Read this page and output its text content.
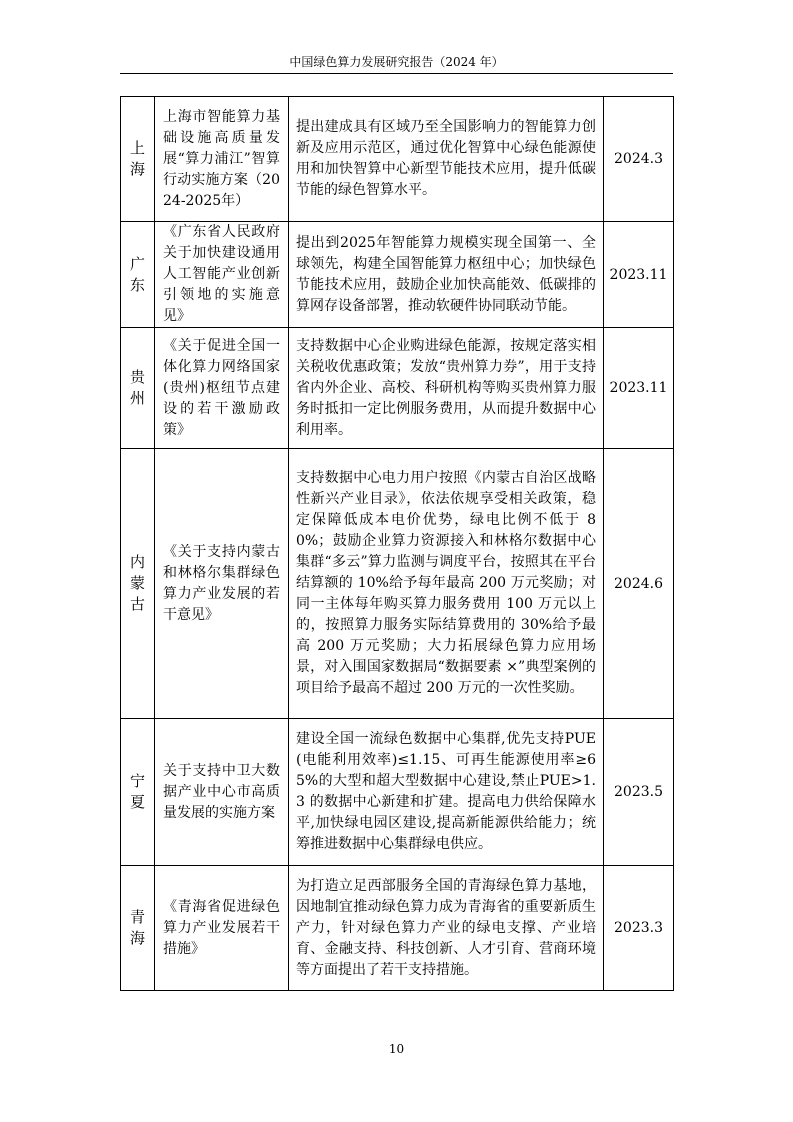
中国绿色算力发展研究报告（2024 年）
上海	上海市智能算力基础设施高质量发展“算力浦江”智算行动实施方案（2024-2025年）	提出建成具有区域乃至全国影响力的智能算力创新及应用示范区，通过优化智算中心绿色能源使用和加快智算中心新型节能技术应用，提升低碳节能的绿色智算水平。	2024.3

广东	《广东省人民政府关于加快建设通用人工智能产业创新引领地的实施意见》	提出到2025年智能算力规模实现全国第一、全球领先，构建全国智能算力枢纽中心；加快绿色节能技术应用，鼓励企业加快高能效、低碳排的算网存设备部署，推动软硬件协同联动节能。	2023.11

贵州	《关于促进全国一体化算力网络国家(贵州)枢纽节点建设的若干激励政策》	支持数据中心企业购进绿色能源，按规定落实相关税收优惠政策；发放“贵州算力券”，用于支持省内外企业、高校、科研机构等购买贵州算力服务时抵扣一定比例服务费用，从而提升数据中心利用率。	2023.11

内蒙古	《关于支持内蒙古和林格尔集群绿色算力产业发展的若干意见》	支持数据中心电力用户按照《内蒙古自治区战略性新兴产业目录》，依法依规享受相关政策，稳定保障低成本电价优势，绿电比例不低于 80%；鼓励企业算力资源接入和林格尔数据中心集群“多云”算力监测与调度平台，按照其在平台结算额的 10%给予每年最高 200 万元奖励；对同一主体每年购买算力服务费用 100 万元以上的，按照算力服务实际结算费用的 30%给予最高 200 万元奖励；大力拓展绿色算力应用场景，对入围国家数据局“数据要素 ×”典型案例的项目给予最高不超过 200 万元的一次性奖励。	2024.6

宁夏	关于支持中卫大数据产业中心市高质量发展的实施方案	建设全国一流绿色数据中心集群,优先支持PUE(电能利用效率)≤1.15、可再生能源使用率≥65%的大型和超大型数据中心建设,禁止PUE>1.3 的数据中心新建和扩建。提高电力供给保障水平,加快绿电园区建设,提高新能源供给能力；统筹推进数据中心集群绿电供应。	2023.5

青海	《青海省促进绿色算力产业发展若干措施》	为打造立足西部服务全国的青海绿色算力基地，因地制宜推动绿色算力成为青海省的重要新质生产力，针对绿色算力产业的绿电支撑、产业培育、金融支持、科技创新、人才引育、营商环境等方面提出了若干支持措施。	2023.3
10
